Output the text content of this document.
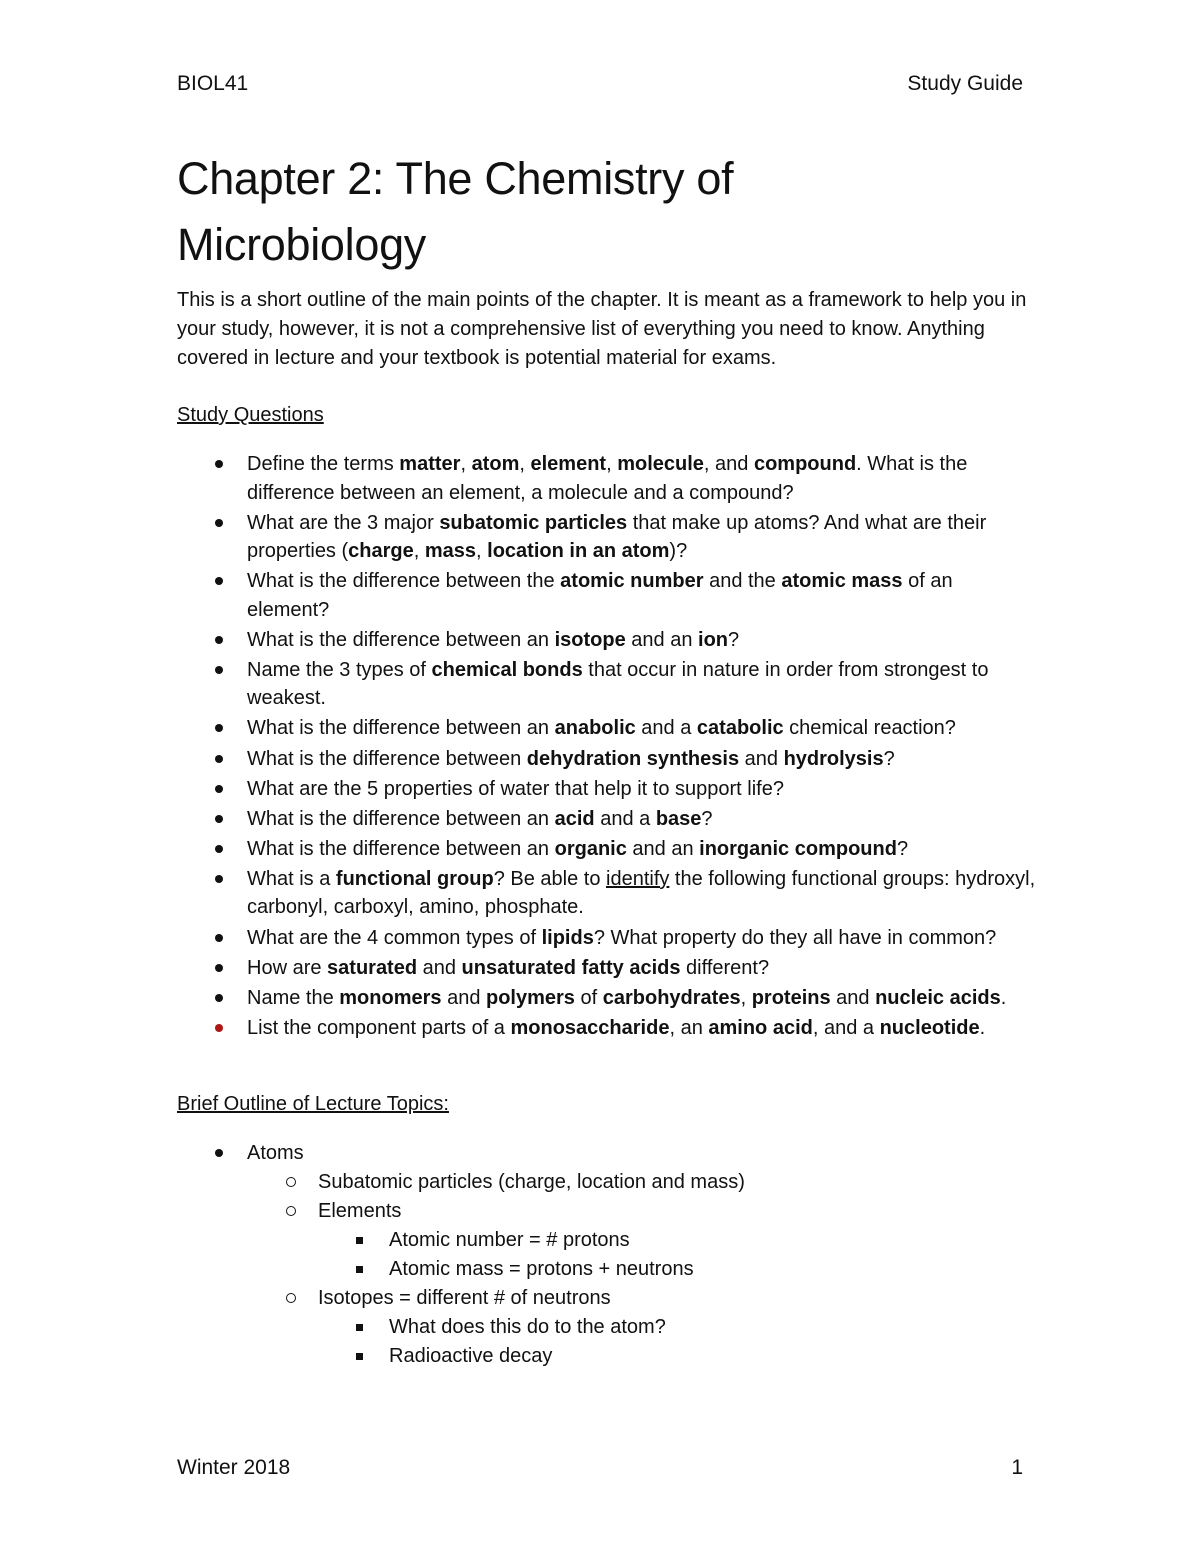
BIOL41	Study Guide
Chapter 2: The Chemistry of
Microbiology

This is a short outline of the main points of the chapter. It is meant as a framework to help you in your study, however, it is not a comprehensive list of everything you need to know. Anything covered in lecture and your textbook is potential material for exams.

Study Questions
Define the terms matter, atom, element, molecule, and compound. What is the difference between an element, a molecule and a compound?
What are the 3 major subatomic particles that make up atoms? And what are their properties (charge, mass, location in an atom)?
What is the difference between the atomic number and the atomic mass of an element?
What is the difference between an isotope and an ion?
Name the 3 types of chemical bonds that occur in nature in order from strongest to weakest.
What is the difference between an anabolic and a catabolic chemical reaction?
What is the difference between dehydration synthesis and hydrolysis?
What are the 5 properties of water that help it to support life?
What is the difference between an acid and a base?
What is the difference between an organic and an inorganic compound?
What is a functional group? Be able to identify the following functional groups: hydroxyl, carbonyl, carboxyl, amino, phosphate.
What are the 4 common types of lipids? What property do they all have in common?
How are saturated and unsaturated fatty acids different?
Name the monomers and polymers of carbohydrates, proteins and nucleic acids.
List the component parts of a monosaccharide, an amino acid, and a nucleotide.
Brief Outline of Lecture Topics:
Atoms
Subatomic particles (charge, location and mass)
Elements
Atomic number = # protons
Atomic mass = protons + neutrons
Isotopes = different # of neutrons
What does this do to the atom?
Radioactive decay
Winter 2018	1
